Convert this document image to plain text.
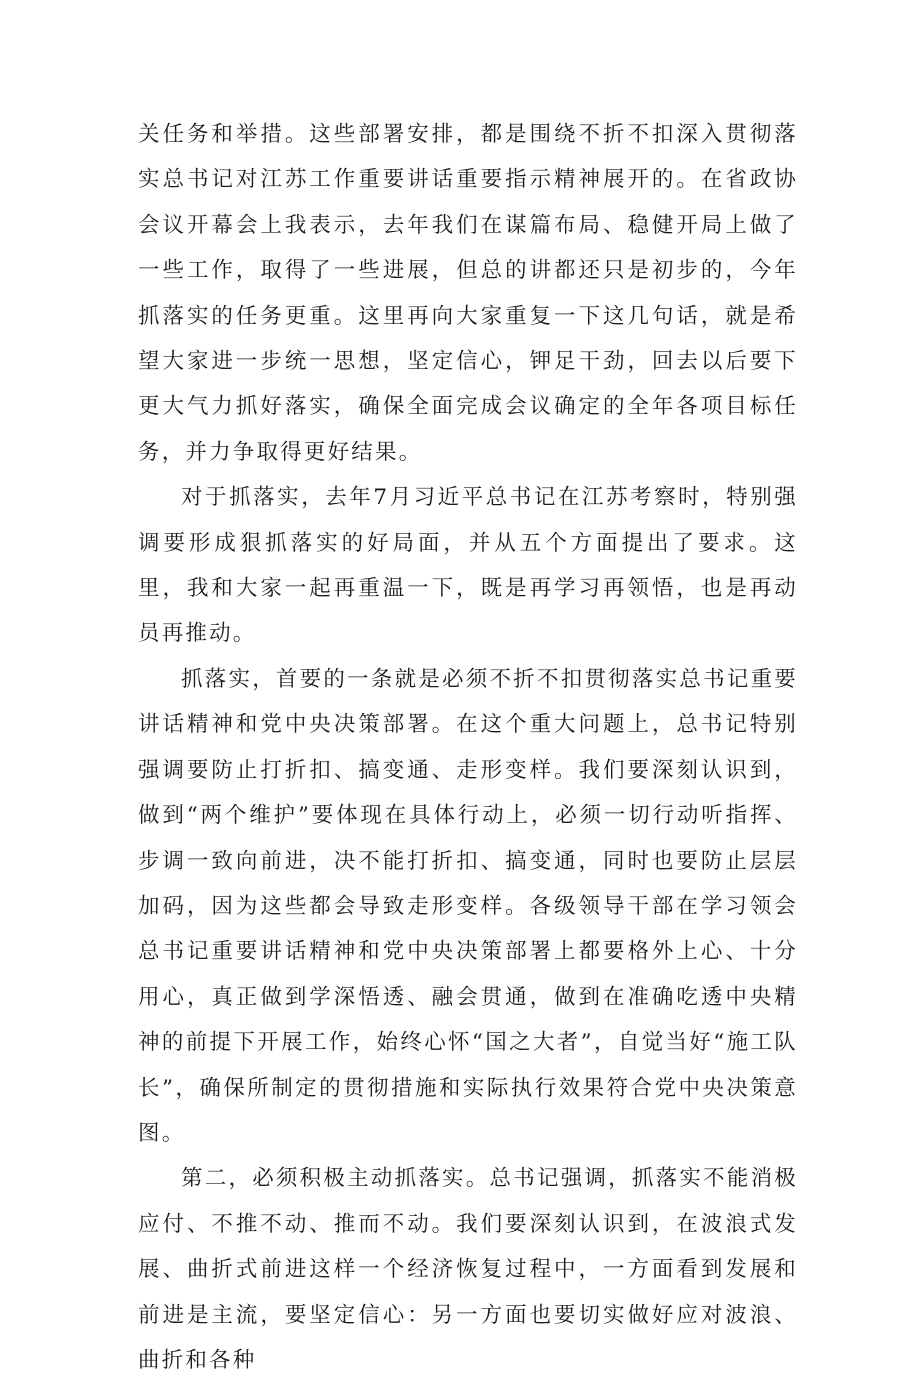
关任务和举措。这些部署安排，都是围绕不折不扣深入贯彻落实总书记对江苏工作重要讲话重要指示精神展开的。在省政协会议开幕会上我表示，去年我们在谋篇布局、稳健开局上做了一些工作，取得了一些进展，但总的讲都还只是初步的，今年抓落实的任务更重。这里再向大家重复一下这几句话，就是希望大家进一步统一思想，坚定信心，钾足干劲，回去以后要下更大气力抓好落实，确保全面完成会议确定的全年各项目标任务，并力争取得更好结果。

对于抓落实，去年7月习近平总书记在江苏考察时，特别强调要形成狠抓落实的好局面，并从五个方面提出了要求。这里，我和大家一起再重温一下，既是再学习再领悟，也是再动员再推动。

抓落实，首要的一条就是必须不折不扣贯彻落实总书记重要讲话精神和党中央决策部署。在这个重大问题上，总书记特别强调要防止打折扣、搞变通、走形变样。我们要深刻认识到，做到“两个维护”要体现在具体行动上，必须一切行动听指挥、步调一致向前进，决不能打折扣、搞变通，同时也要防止层层加码，因为这些都会导致走形变样。各级领导干部在学习领会总书记重要讲话精神和党中央决策部署上都要格外上心、十分用心，真正做到学深悟透、融会贯通，做到在准确吃透中央精神的前提下开展工作，始终心怀“国之大者”，自觉当好“施工队长”，确保所制定的贯彻措施和实际执行效果符合党中央决策意图。

第二，必须积极主动抓落实。总书记强调，抓落实不能消极应付、不推不动、推而不动。我们要深刻认识到，在波浪式发展、曲折式前进这样一个经济恢复过程中，一方面看到发展和前进是主流，要坚定信心：另一方面也要切实做好应对波浪、曲折和各种
